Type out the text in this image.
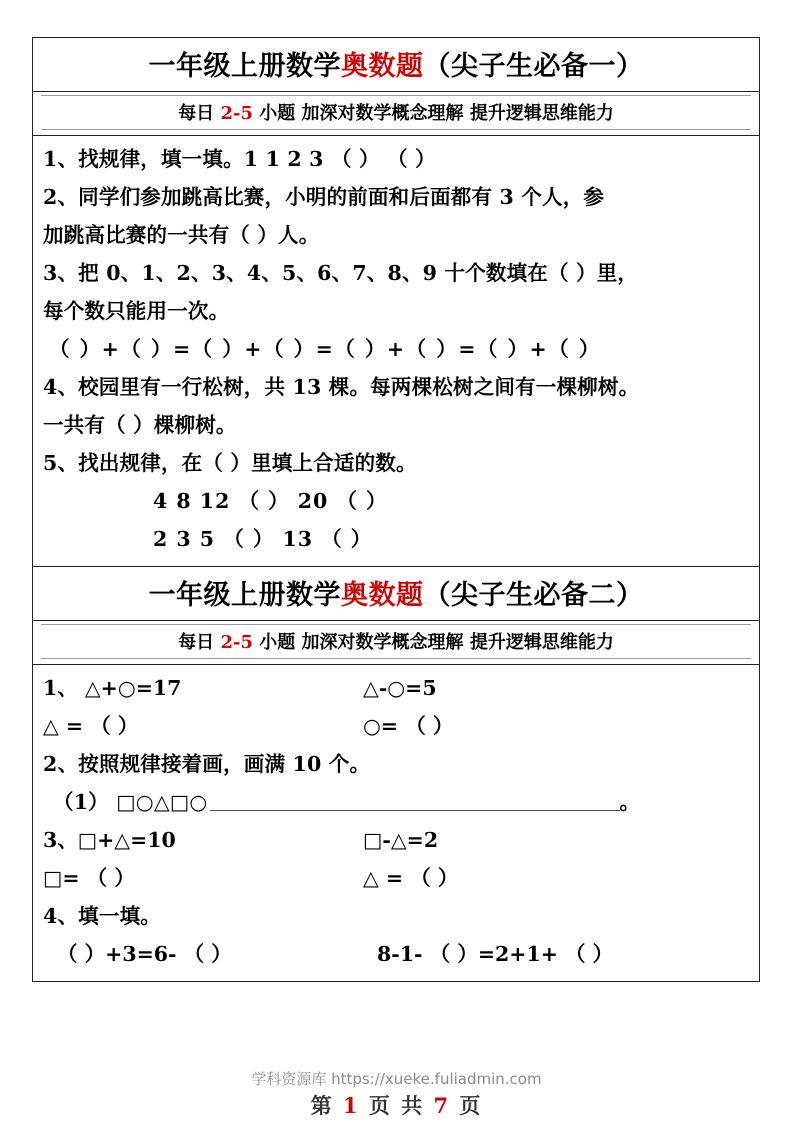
一年级上册数学奥数题（尖子生必备一）
每日 2-5 小题 加深对数学概念理解 提升逻辑思维能力
1、找规律，填一填。1 1 2 3 （ ） （ ）
2、同学们参加跳高比赛，小明的前面和后面都有 3 个人，参
加跳高比赛的一共有（ ）人。
3、把 0、1、2、3、4、5、6、7、8、9 十个数填在（ ）里，
每个数只能用一次。
（ ）+（ ）=（ ）+（ ）=（ ）+（ ）=（ ）+（ ）
4、校园里有一行松树，共 13 棵。每两棵松树之间有一棵柳树。
一共有（ ）棵柳树。
5、找出规律，在（ ）里填上合适的数。
4 8 12 （ ） 20 （ ）
2 3 5 （ ） 13 （ ）
一年级上册数学奥数题（尖子生必备二）
每日 2-5 小题 加深对数学概念理解 提升逻辑思维能力
1、 △+○=17	△-○=5
△ = （ ）	○= （ ）
2、按照规律接着画，画满 10 个。
（1） □○△□○	。
3、□+△=10	□-△=2
□= （ ）	△ = （ ）
4、填一填。
（ ）+3=6- （ ）	8-1- （ ）=2+1+ （ ）
学科资源库 https://xueke.fuliadmin.com
第 1 页 共 7 页
